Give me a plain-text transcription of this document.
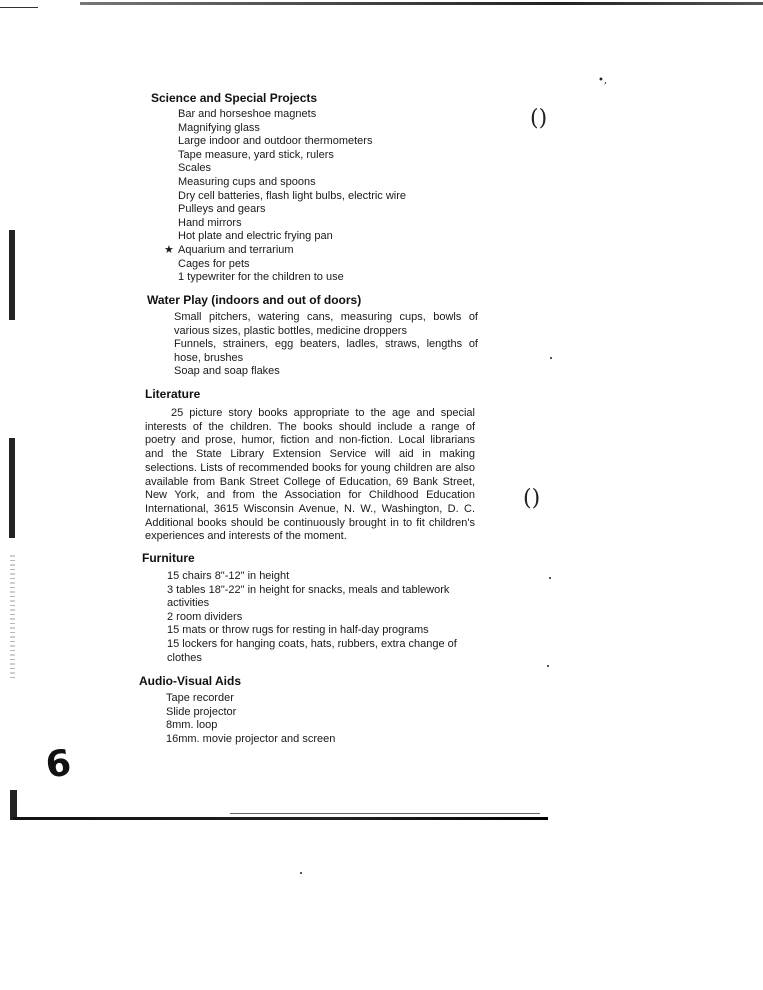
6
()
()
•,
Science and Special Projects
Bar and horseshoe magnets
Magnifying glass
Large indoor and outdoor thermometers
Tape measure, yard stick, rulers
Scales
Measuring cups and spoons
Dry cell batteries, flash light bulbs, electric wire
Pulleys and gears
Hand mirrors
Hot plate and electric frying pan
★ Aquarium and terrarium
Cages for pets
1 typewriter for the children to use
Water Play (indoors and out of doors)
Small pitchers, watering cans, measuring cups, bowls of various sizes, plastic bottles, medicine droppers
Funnels, strainers, egg beaters, ladles, straws, lengths of hose, brushes
Soap and soap flakes
Literature

25 picture story books appropriate to the age and special interests of the children. The books should include a range of poetry and prose, humor, fiction and non-fiction. Local librarians and the State Library Extension Service will aid in making selections. Lists of recommended books for young children are also available from Bank Street College of Education, 69 Bank Street, New York, and from the Association for Childhood Education International, 3615 Wisconsin Avenue, N. W., Washington, D. C. Additional books should be continuously brought in to fit children's experiences and interests of the moment.

Furniture
15 chairs 8"-12" in height
3 tables 18"-22" in height for snacks, meals and tablework activities
2 room dividers
15 mats or throw rugs for resting in half-day programs
15 lockers for hanging coats, hats, rubbers, extra change of clothes
Audio-Visual Aids
Tape recorder
Slide projector
8mm. loop
16mm. movie projector and screen
